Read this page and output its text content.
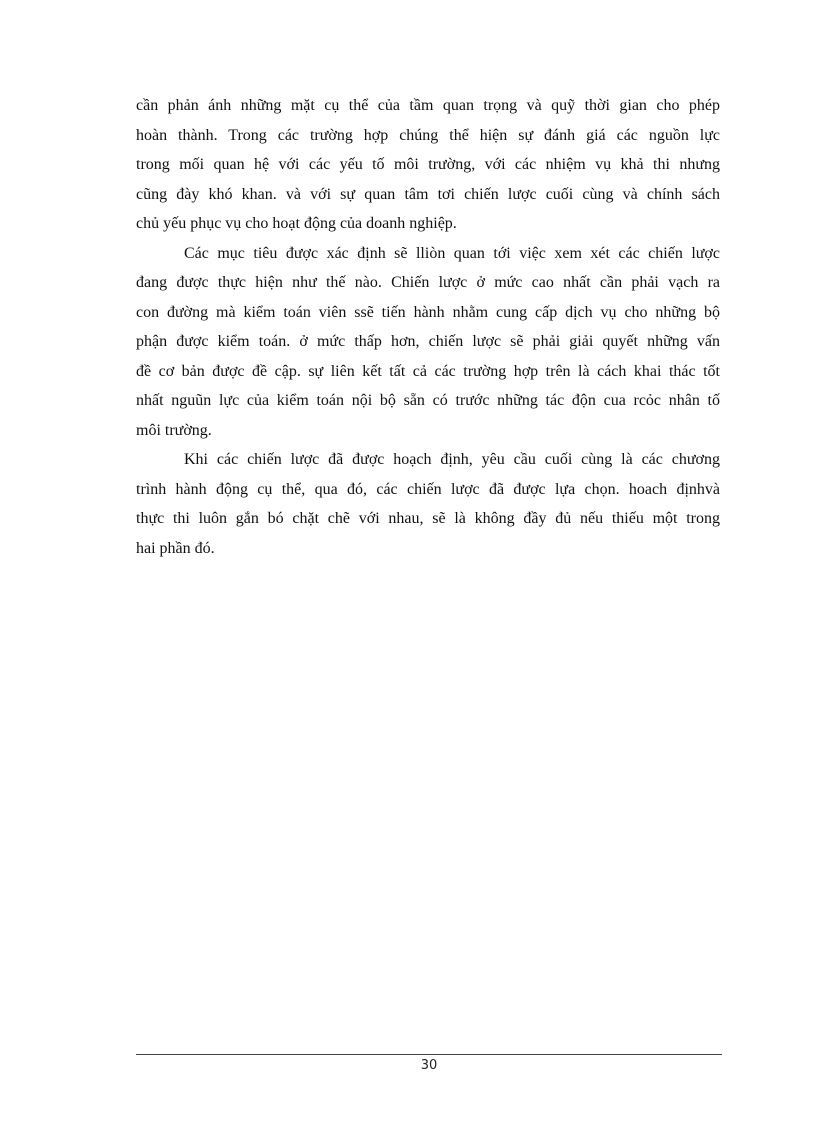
cần phản ánh những mặt cụ thể của tầm quan trọng và quỹ thời gian cho phép
hoàn thành. Trong các trường hợp chúng thể hiện sự đánh giá các nguồn lực
trong mối quan hệ với các yếu tố môi trường, với các nhiệm vụ khả thi nhưng
cũng đày khó khan. và với sự quan tâm tơi chiến lược cuối cùng và chính sách
chủ yếu phục vụ cho hoạt động của doanh nghiệp.

Các mục tiêu được xác định sẽ lliòn quan tới việc xem xét các chiến lược
đang được thực hiện như thế nào. Chiến lược ở mức cao nhất cần phải vạch ra
con đường mà kiểm toán viên ssẽ tiến hành nhằm cung cấp dịch vụ cho những bộ
phận được kiểm toán. ở mức thấp hơn, chiến lược sẽ phải giải quyết những vấn
đề cơ bản được đề cập. sự liên kết tất cả các trường hợp trên là cách khai thác tốt
nhất nguũn lực của kiểm toán nội bộ sẵn có trước những tác độn cua rcỏc nhân tố
môi trường.

Khi các chiến lược đã được hoạch định, yêu cầu cuối cùng là các chương
trình hành động cụ thể, qua đó, các chiến lược đã được lựa chọn. hoach địnhvà
thực thi luôn gắn bó chặt chẽ với nhau, sẽ là không đầy đủ nếu thiếu một trong
hai phần đó.

30
